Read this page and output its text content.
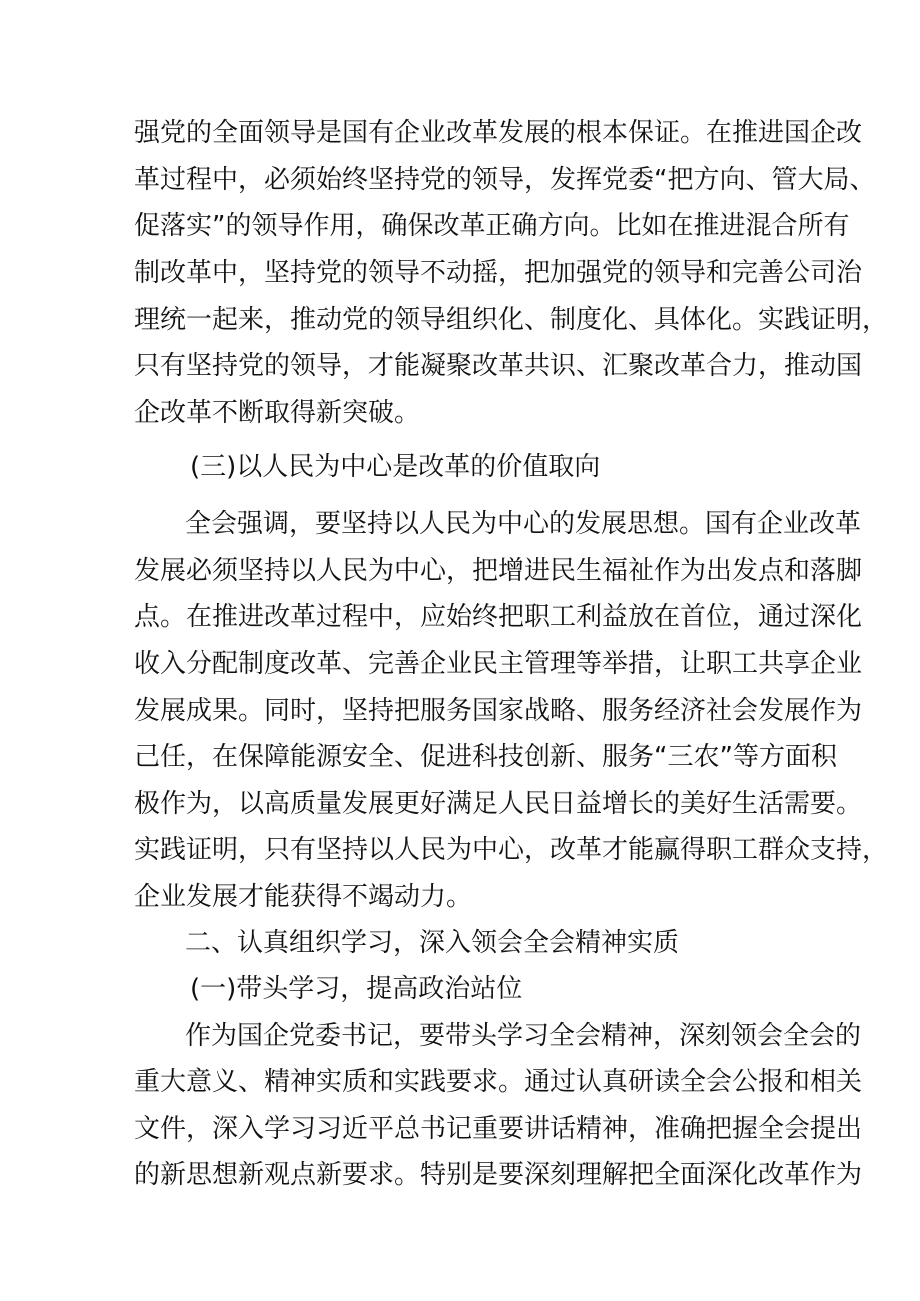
强党的全面领导是国有企业改革发展的根本保证。在推进国企改
革过程中，必须始终坚持党的领导，发挥党委“把方向、管大局、
促落实”的领导作用，确保改革正确方向。比如在推进混合所有
制改革中，坚持党的领导不动摇，把加强党的领导和完善公司治
理统一起来，推动党的领导组织化、制度化、具体化。实践证明，
只有坚持党的领导，才能凝聚改革共识、汇聚改革合力，推动国
企改革不断取得新突破。
(三)以人民为中心是改革的价值取向
全会强调，要坚持以人民为中心的发展思想。国有企业改革
发展必须坚持以人民为中心，把增进民生福祉作为出发点和落脚
点。在推进改革过程中，应始终把职工利益放在首位，通过深化
收入分配制度改革、完善企业民主管理等举措，让职工共享企业
发展成果。同时，坚持把服务国家战略、服务经济社会发展作为
己任，在保障能源安全、促进科技创新、服务“三农”等方面积
极作为，以高质量发展更好满足人民日益增长的美好生活需要。
实践证明，只有坚持以人民为中心，改革才能赢得职工群众支持，
企业发展才能获得不竭动力。
二、认真组织学习，深入领会全会精神实质
(一)带头学习，提高政治站位
作为国企党委书记，要带头学习全会精神，深刻领会全会的
重大意义、精神实质和实践要求。通过认真研读全会公报和相关
文件，深入学习习近平总书记重要讲话精神，准确把握全会提出
的新思想新观点新要求。特别是要深刻理解把全面深化改革作为
